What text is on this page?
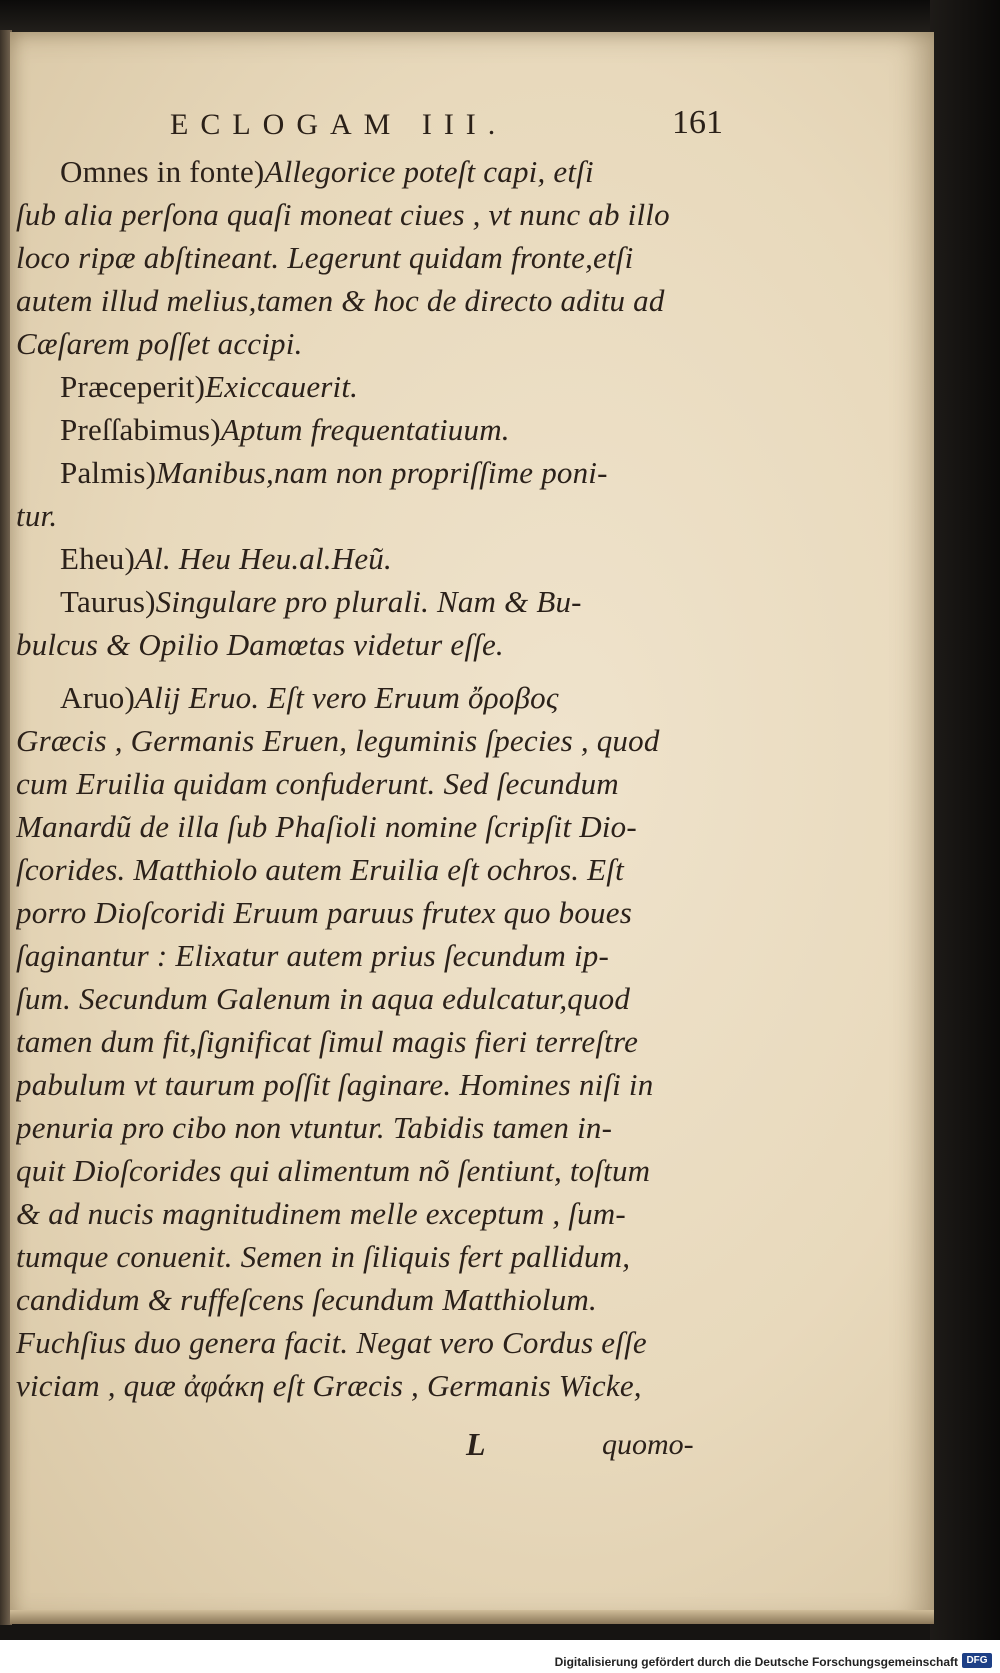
ECLOGAM III.	161
Omnes in fonte)Allegorice poteſt capi, etſi
ſub alia perſona quaſi moneat ciues , vt nunc ab illo
loco ripæ abſtineant. Legerunt quidam fronte,etſi
autem illud melius,tamen & hoc de directo aditu ad
Cæſarem poſſet accipi.
Præceperit)Exiccauerit.
Preſſabimus)Aptum frequentatiuum.
Palmis)Manibus,nam non propriſſime poni-
tur.
Eheu)Al. Heu Heu.al.Heũ.
Taurus)Singulare pro plurali. Nam & Bu-
bulcus & Opilio Damœtas videtur eſſe.
Aruo)Alij Eruo. Eſt vero Eruum ὄροβος
Græcis , Germanis Eruen, leguminis ſpecies , quod
cum Eruilia quidam confuderunt. Sed ſecundum
Manardũ de illa ſub Phaſioli nomine ſcripſit Dio-
ſcorides. Matthiolo autem Eruilia eſt ochros. Eſt
porro Dioſcoridi Eruum paruus frutex quo boues
ſaginantur : Elixatur autem prius ſecundum ip-
ſum. Secundum Galenum in aqua edulcatur,quod
tamen dum fit,ſignificat ſimul magis fieri terreſtre
pabulum vt taurum poſſit ſaginare. Homines niſi in
penuria pro cibo non vtuntur. Tabidis tamen in-
quit Dioſcorides qui alimentum nõ ſentiunt, toſtum
& ad nucis magnitudinem melle exceptum , ſum-
tumque conuenit. Semen in ſiliquis fert pallidum,
candidum & ruffeſcens ſecundum Matthiolum.
Fuchſius duo genera facit. Negat vero Cordus eſſe
viciam , quæ ἀφάκη eſt Græcis , Germanis Wicke,
L	quomo-
Digitalisierung gefördert durch die Deutsche Forschungsgemeinschaft DFG
